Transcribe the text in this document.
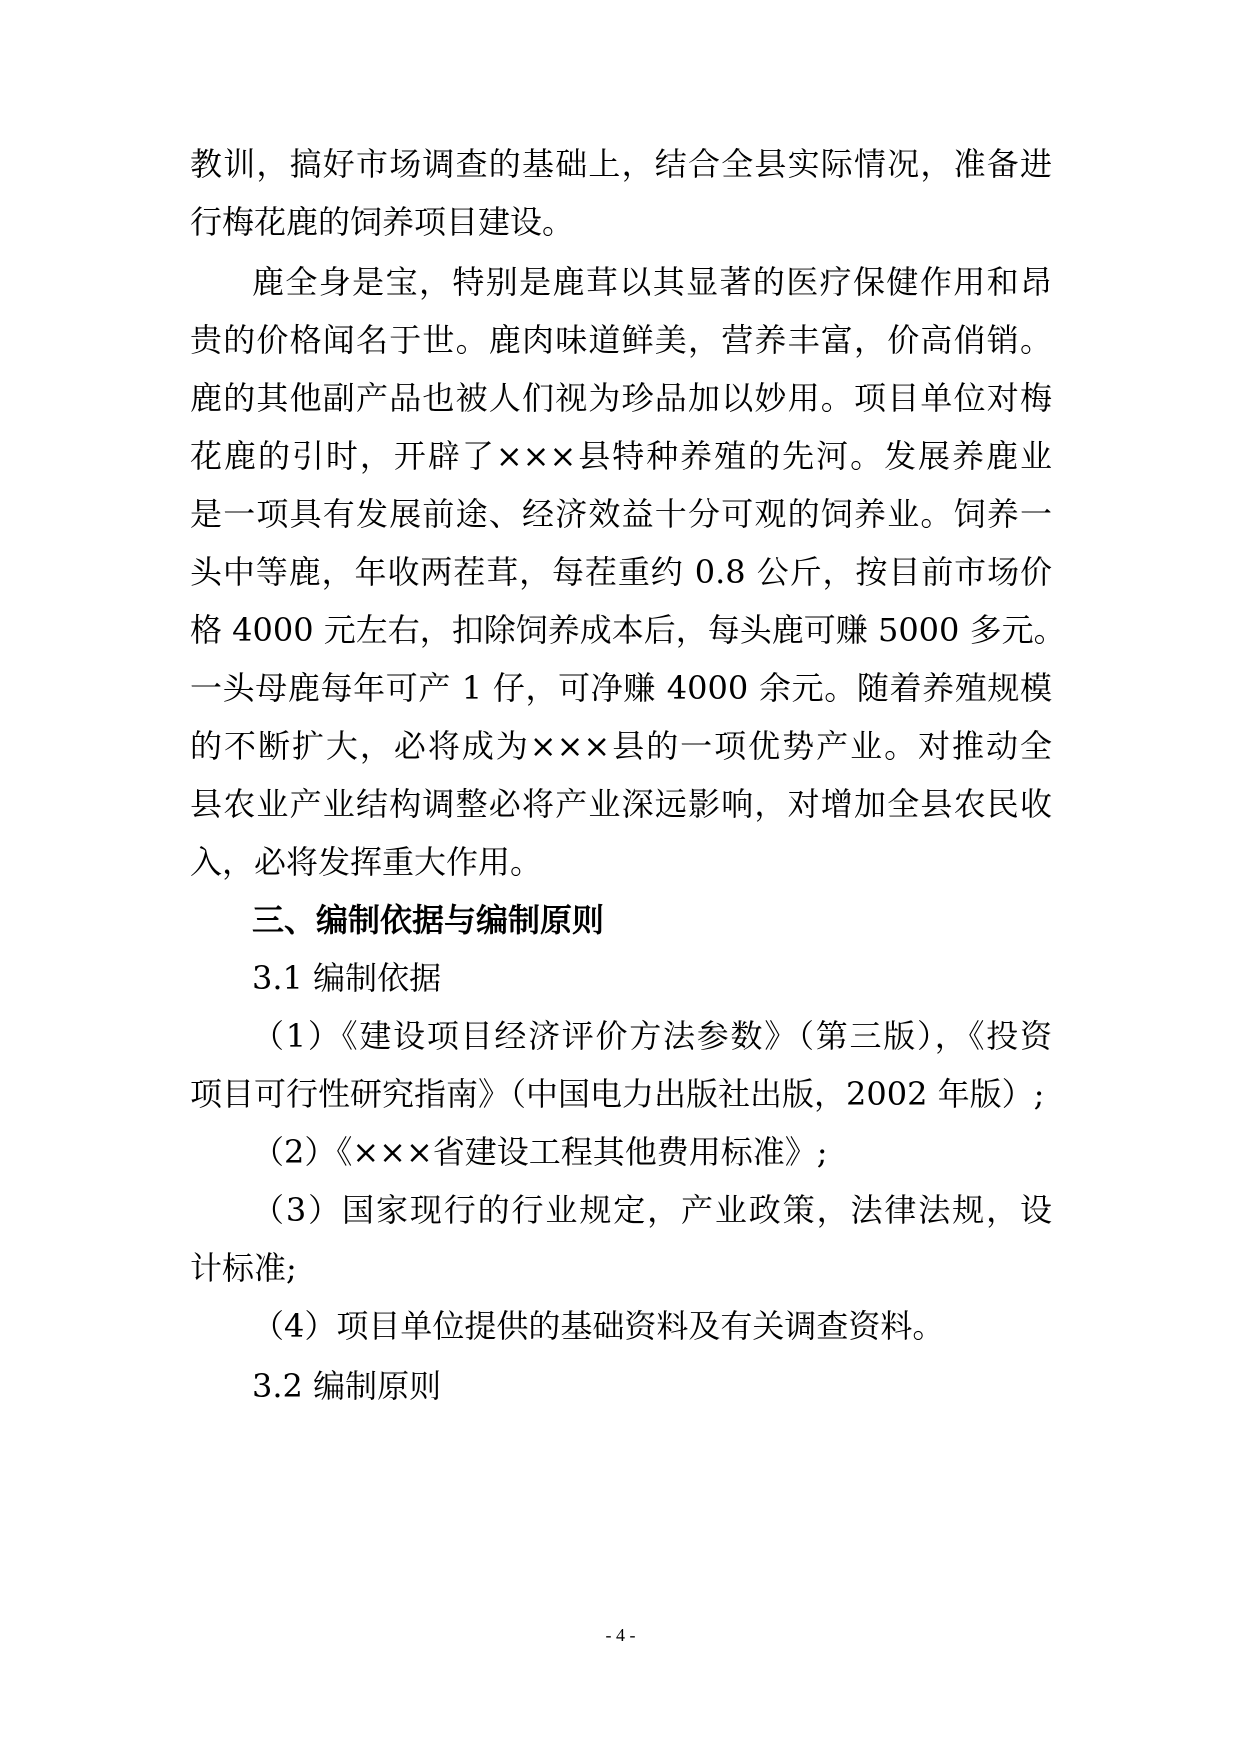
教训，搞好市场调查的基础上，结合全县实际情况，准备进
行梅花鹿的饲养项目建设。
鹿全身是宝，特别是鹿茸以其显著的医疗保健作用和昂
贵的价格闻名于世。鹿肉味道鲜美，营养丰富，价高俏销。
鹿的其他副产品也被人们视为珍品加以妙用。项目单位对梅
花鹿的引时，开辟了×××县特种养殖的先河。发展养鹿业
是一项具有发展前途、经济效益十分可观的饲养业。饲养一
头中等鹿，年收两茬茸，每茬重约 0.8 公斤，按目前市场价
格 4000 元左右，扣除饲养成本后，每头鹿可赚 5000 多元。
一头母鹿每年可产 1 仔，可净赚 4000 余元。随着养殖规模
的不断扩大，必将成为×××县的一项优势产业。对推动全
县农业产业结构调整必将产业深远影响，对增加全县农民收
入，必将发挥重大作用。
三、编制依据与编制原则
3.1 编制依据
（1）《建设项目经济评价方法参数》（第三版），《投资
项目可行性研究指南》（中国电力出版社出版，2002 年版）;
（2）《×××省建设工程其他费用标准》;
（3）国家现行的行业规定，产业政策，法律法规，设
计标准;
（4）项目单位提供的基础资料及有关调查资料。
3.2 编制原则
- 4 -
